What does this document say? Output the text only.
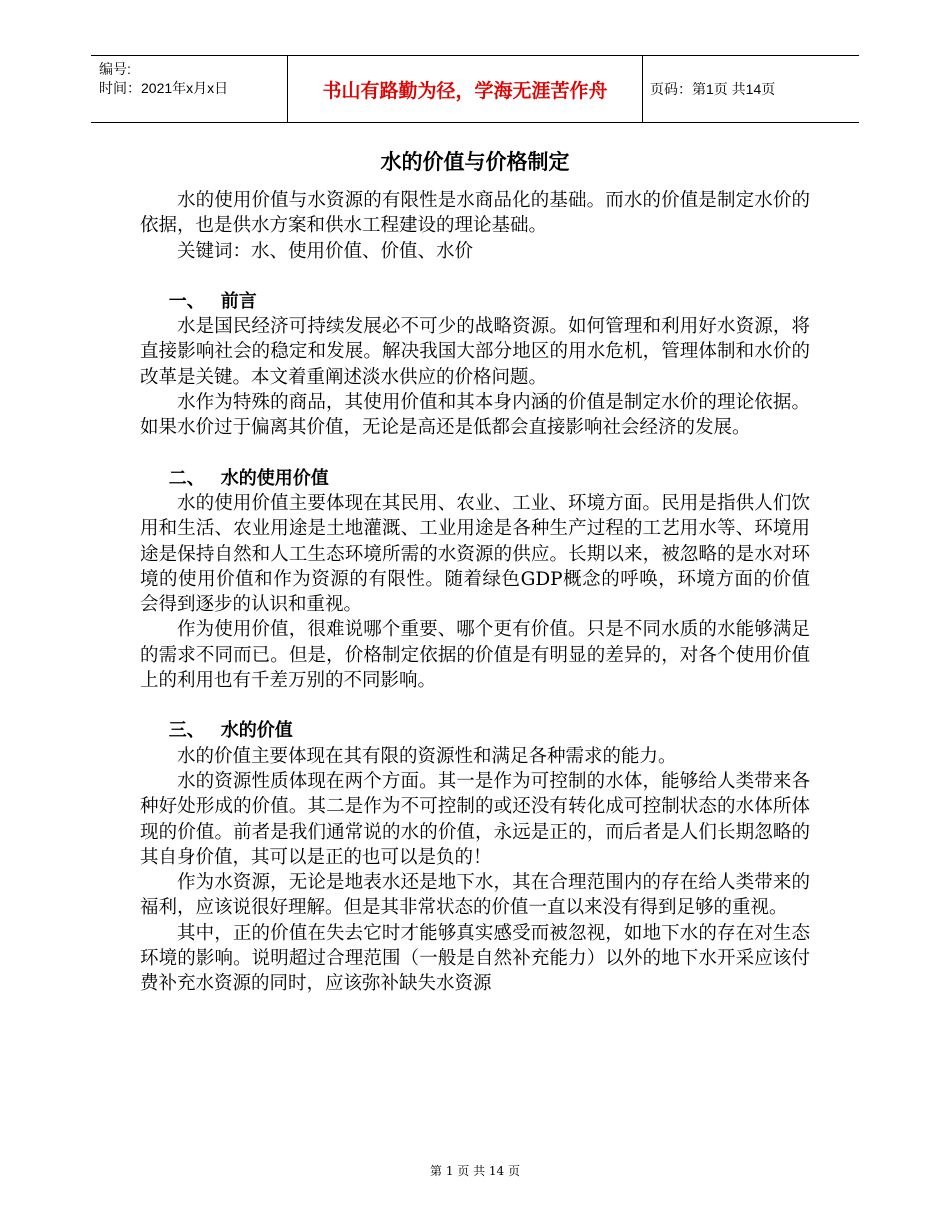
编号:
时间：2021年x月x日	书山有路勤为径，学海无涯苦作舟	页码：第1页 共14页
水的价值与价格制定

水的使用价值与水资源的有限性是水商品化的基础。而水的价值是制定水价的依据，也是供水方案和供水工程建设的理论基础。

关键词：水、使用价值、价值、水价

一、 前言

水是国民经济可持续发展必不可少的战略资源。如何管理和利用好水资源，将直接影响社会的稳定和发展。解决我国大部分地区的用水危机，管理体制和水价的改革是关键。本文着重阐述淡水供应的价格问题。

水作为特殊的商品，其使用价值和其本身内涵的价值是制定水价的理论依据。如果水价过于偏离其价值，无论是高还是低都会直接影响社会经济的发展。

二、 水的使用价值

水的使用价值主要体现在其民用、农业、工业、环境方面。民用是指供人们饮用和生活、农业用途是土地灌溉、工业用途是各种生产过程的工艺用水等、环境用途是保持自然和人工生态环境所需的水资源的供应。长期以来，被忽略的是水对环境的使用价值和作为资源的有限性。随着绿色GDP概念的呼唤，环境方面的价值会得到逐步的认识和重视。

作为使用价值，很难说哪个重要、哪个更有价值。只是不同水质的水能够满足的需求不同而已。但是，价格制定依据的价值是有明显的差异的，对各个使用价值上的利用也有千差万别的不同影响。

三、 水的价值

水的价值主要体现在其有限的资源性和满足各种需求的能力。

水的资源性质体现在两个方面。其一是作为可控制的水体，能够给人类带来各种好处形成的价值。其二是作为不可控制的或还没有转化成可控制状态的水体所体现的价值。前者是我们通常说的水的价值，永远是正的，而后者是人们长期忽略的其自身价值，其可以是正的也可以是负的！

作为水资源，无论是地表水还是地下水，其在合理范围内的存在给人类带来的福利，应该说很好理解。但是其非常状态的价值一直以来没有得到足够的重视。

其中，正的价值在失去它时才能够真实感受而被忽视，如地下水的存在对生态环境的影响。说明超过合理范围（一般是自然补充能力）以外的地下水开采应该付费补充水资源的同时，应该弥补缺失水资源

第 1 页 共 14 页
